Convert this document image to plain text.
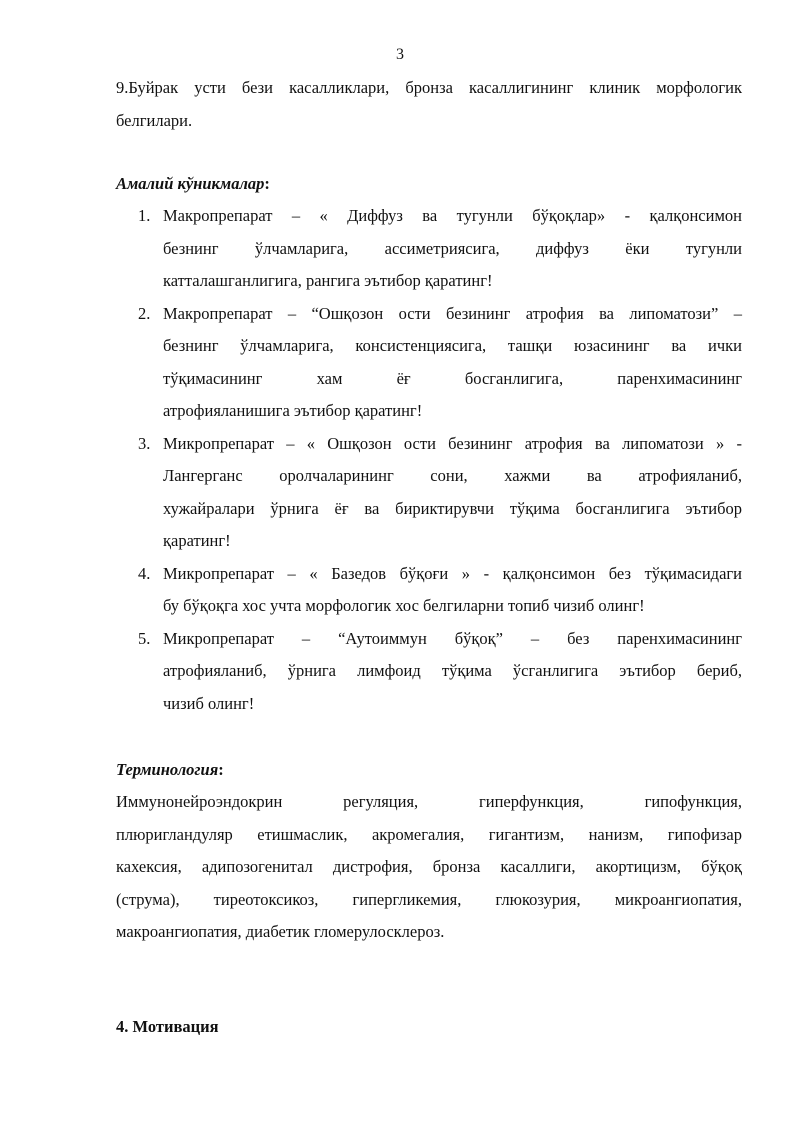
3
9.Буйрак усти бези касалликлари, бронза касаллигининг клиник морфологик
белгилари.
Амалий кўникмалар:
1. Макропрепарат – « Диффуз ва тугунли бўқоқлар» - қалқонсимон
безнинг ўлчамларига, ассиметриясига, диффуз ёки тугунли
катталашганлигига, рангига эътибор қаратинг!
2. Макропрепарат – “Ошқозон ости безининг атрофия ва липоматози” –
безнинг ўлчамларига, консистенциясига, ташқи юзасининг ва ички
тўқимасининг хам ёғ босганлигига, паренхимасининг
атрофияланишига эътибор қаратинг!
3. Микропрепарат – « Ошқозон ости безининг атрофия ва липоматози » -
Лангерганс оролчаларининг сони, хажми ва атрофияланиб,
хужайралари ўрнига ёғ ва бириктирувчи тўқима босганлигига эътибор
қаратинг!
4. Микропрепарат – « Базедов бўқоғи » - қалқонсимон без тўқимасидаги
бу бўқоқга хос учта морфологик хос белгиларни топиб чизиб олинг!
5. Микропрепарат – “Аутоиммун бўқоқ” – без паренхимасининг
атрофияланиб, ўрнига лимфоид тўқима ўсганлигига эътибор бериб,
чизиб олинг!
Терминология:
Иммунонейроэндокрин регуляция, гиперфункция, гипофункция,
плюригландуляр етишмаслик, акромегалия, гигантизм, нанизм, гипофизар
кахексия, адипозогенитал дистрофия, бронза касаллиги, акортицизм, бўқоқ
(струма), тиреотоксикоз, гипергликемия, глюкозурия, микроангиопатия,
макроангиопатия, диабетик гломерулосклероз.
4. Мотивация
